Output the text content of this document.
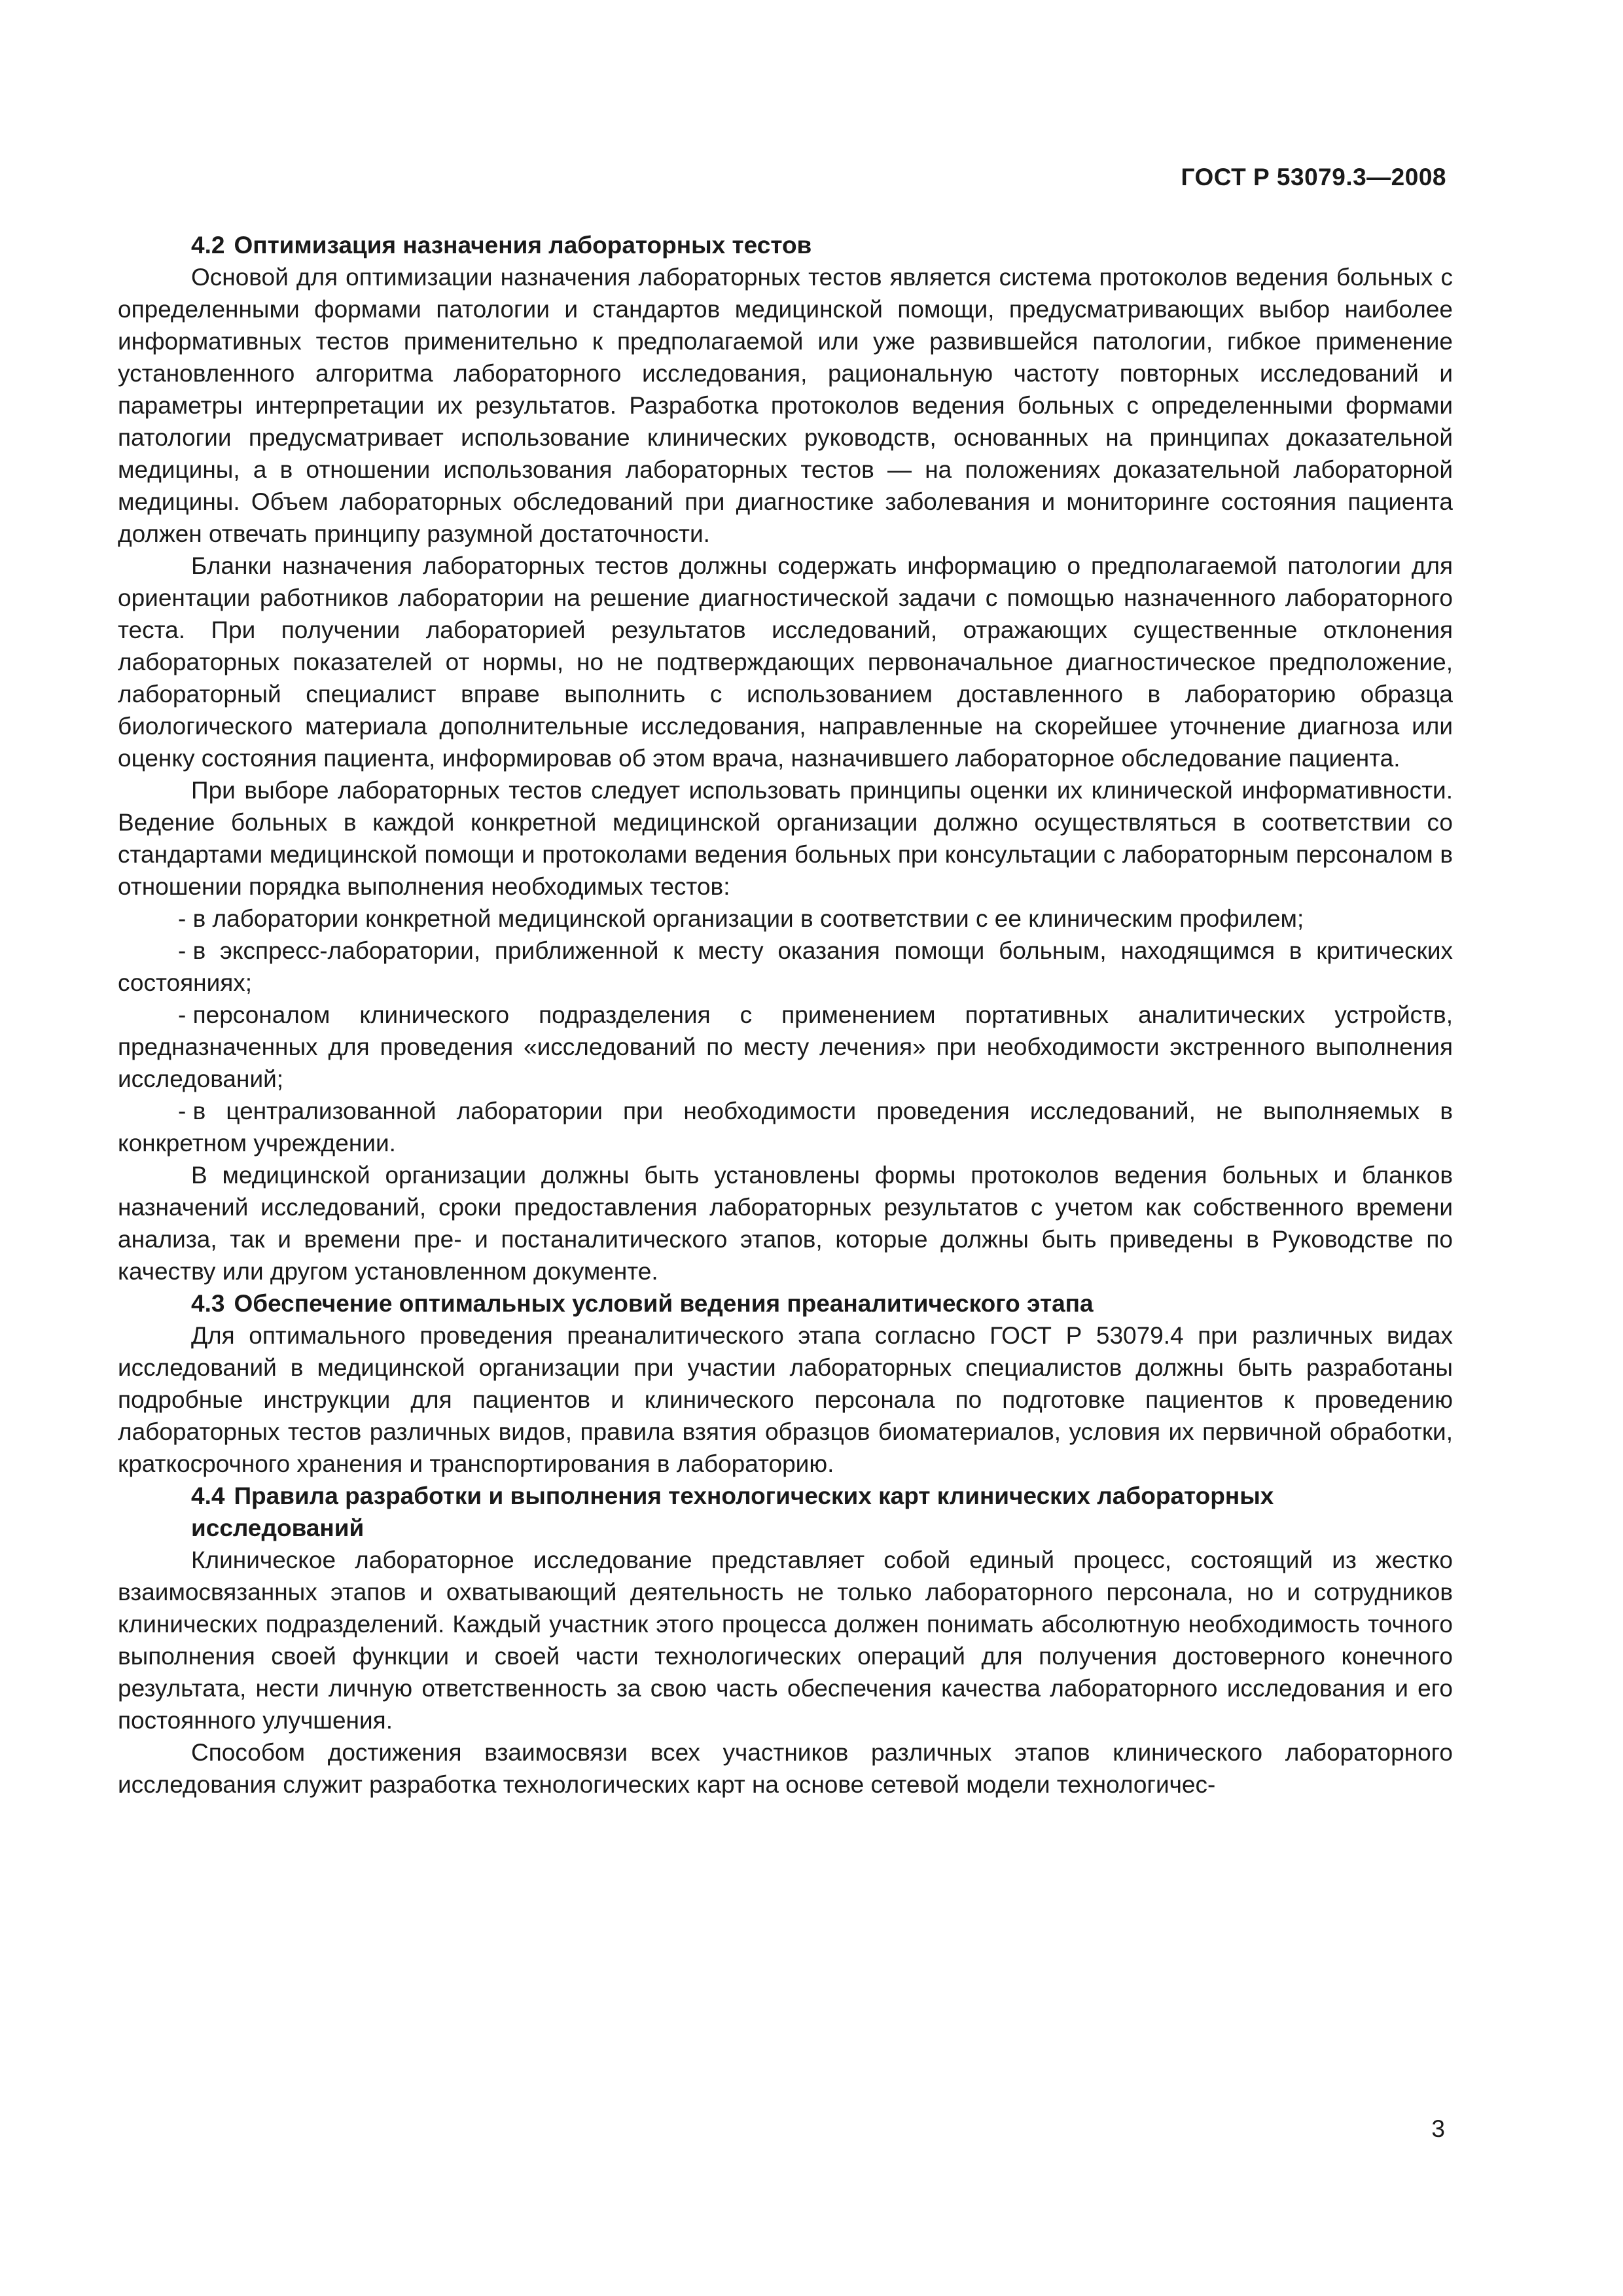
ГОСТ Р 53079.3—2008

4.2 Оптимизация назначения лабораторных тестов

Основой для оптимизации назначения лабораторных тестов является система протоколов ведения больных с определенными формами патологии и стандартов медицинской помощи, предусматривающих выбор наиболее информативных тестов применительно к предполагаемой или уже развившейся патологии, гибкое применение установленного алгоритма лабораторного исследования, рациональную частоту повторных исследований и параметры интерпретации их результатов. Разработка протоколов ведения больных с определенными формами патологии предусматривает использование клинических руководств, основанных на принципах доказательной медицины, а в отношении использования лабораторных тестов — на положениях доказательной лабораторной медицины. Объем лабораторных обследований при диагностике заболевания и мониторинге состояния пациента должен отвечать принципу разумной достаточности.

Бланки назначения лабораторных тестов должны содержать информацию о предполагаемой патологии для ориентации работников лаборатории на решение диагностической задачи с помощью назначенного лабораторного теста. При получении лабораторией результатов исследований, отражающих существенные отклонения лабораторных показателей от нормы, но не подтверждающих первоначальное диагностическое предположение, лабораторный специалист вправе выполнить с использованием доставленного в лабораторию образца биологического материала дополнительные исследования, направленные на скорейшее уточнение диагноза или оценку состояния пациента, информировав об этом врача, назначившего лабораторное обследование пациента.

При выборе лабораторных тестов следует использовать принципы оценки их клинической информативности. Ведение больных в каждой конкретной медицинской организации должно осуществляться в соответствии со стандартами медицинской помощи и протоколами ведения больных при консультации с лабораторным персоналом в отношении порядка выполнения необходимых тестов:

- в лаборатории конкретной медицинской организации в соответствии с ее клиническим профилем;

- в экспресс-лаборатории, приближенной к месту оказания помощи больным, находящимся в критических состояниях;

- персоналом клинического подразделения с применением портативных аналитических устройств, предназначенных для проведения «исследований по месту лечения» при необходимости экстренного выполнения исследований;

- в централизованной лаборатории при необходимости проведения исследований, не выполняемых в конкретном учреждении.

В медицинской организации должны быть установлены формы протоколов ведения больных и бланков назначений исследований, сроки предоставления лабораторных результатов с учетом как собственного времени анализа, так и времени пре- и постаналитического этапов, которые должны быть приведены в Руководстве по качеству или другом установленном документе.

4.3 Обеспечение оптимальных условий ведения преаналитического этапа

Для оптимального проведения преаналитического этапа согласно ГОСТ Р 53079.4 при различных видах исследований в медицинской организации при участии лабораторных специалистов должны быть разработаны подробные инструкции для пациентов и клинического персонала по подготовке пациентов к проведению лабораторных тестов различных видов, правила взятия образцов биоматериалов, условия их первичной обработки, краткосрочного хранения и транспортирования в лабораторию.

4.4 Правила разработки и выполнения технологических карт клинических лабораторных исследований

Клиническое лабораторное исследование представляет собой единый процесс, состоящий из жестко взаимосвязанных этапов и охватывающий деятельность не только лабораторного персонала, но и сотрудников клинических подразделений. Каждый участник этого процесса должен понимать абсолютную необходимость точного выполнения своей функции и своей части технологических операций для получения достоверного конечного результата, нести личную ответственность за свою часть обеспечения качества лабораторного исследования и его постоянного улучшения.

Способом достижения взаимосвязи всех участников различных этапов клинического лабораторного исследования служит разработка технологических карт на основе сетевой модели технологичес-

3
